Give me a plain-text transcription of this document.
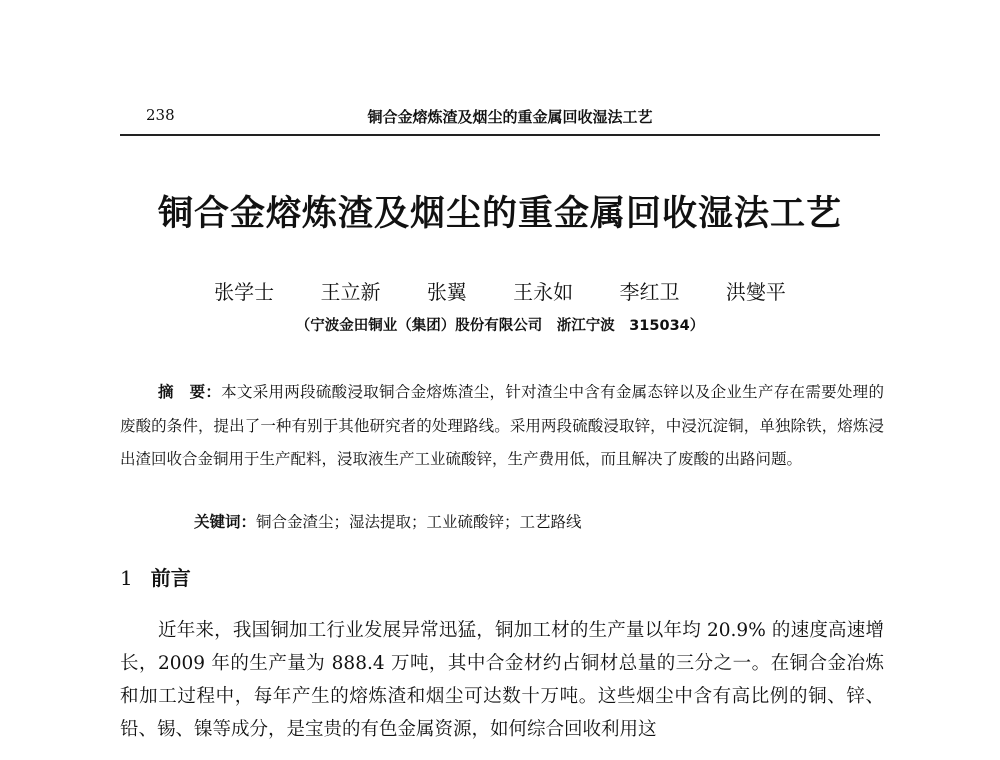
238	铜合金熔炼渣及烟尘的重金属回收湿法工艺
铜合金熔炼渣及烟尘的重金属回收湿法工艺
张学士 王立新 张翼 王永如 李红卫 洪燮平
（宁波金田铜业（集团）股份有限公司　浙江宁波　315034）
摘　要：本文采用两段硫酸浸取铜合金熔炼渣尘，针对渣尘中含有金属态锌以及企业生产存在需要处理的废酸的条件，提出了一种有别于其他研究者的处理路线。采用两段硫酸浸取锌，中浸沉淀铜，单独除铁，熔炼浸出渣回收合金铜用于生产配料，浸取液生产工业硫酸锌，生产费用低，而且解决了废酸的出路问题。
关键词：铜合金渣尘；湿法提取；工业硫酸锌；工艺路线
1 前言
近年来，我国铜加工行业发展异常迅猛，铜加工材的生产量以年均 20.9% 的速度高速增长，2009 年的生产量为 888.4 万吨，其中合金材约占铜材总量的三分之一。在铜合金冶炼和加工过程中，每年产生的熔炼渣和烟尘可达数十万吨。这些烟尘中含有高比例的铜、锌、铅、锡、镍等成分，是宝贵的有色金属资源，如何综合回收利用这
